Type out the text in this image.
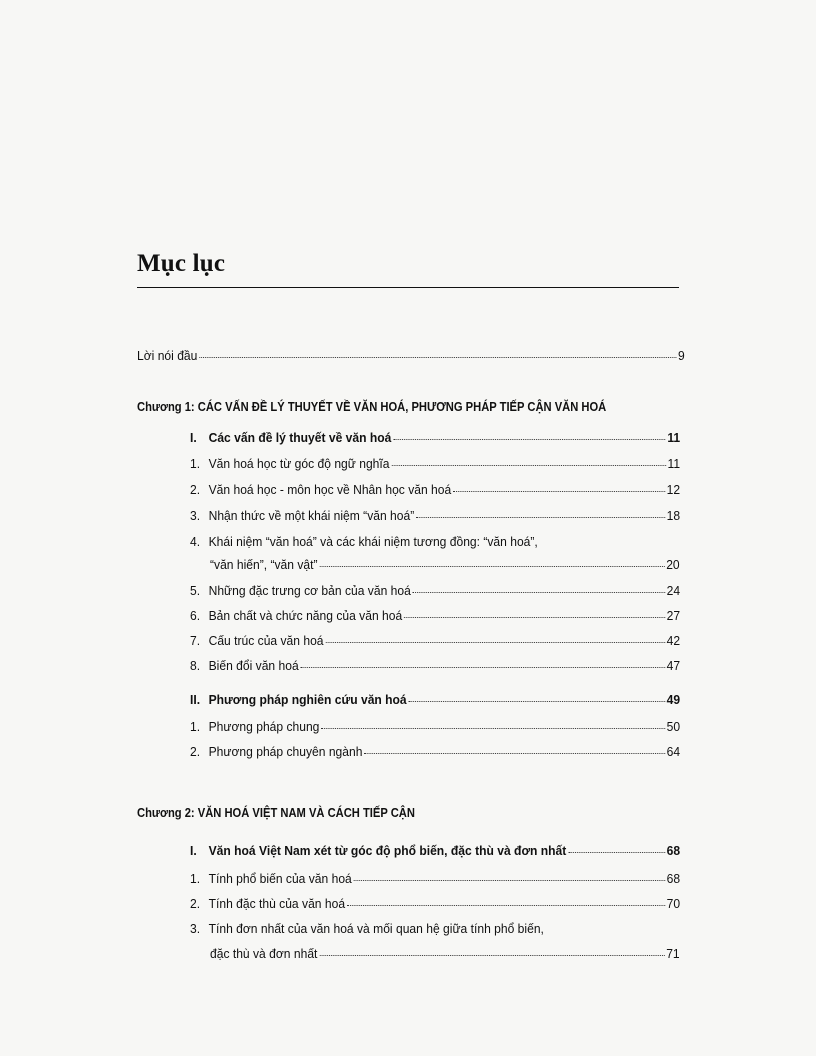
Mục lục
Lời nói đầu	9
Chương 1: CÁC VẤN ĐỀ LÝ THUYẾT VỀ VĂN HOÁ, PHƯƠNG PHÁP TIẾP CẬN VĂN HOÁ
I. Các vấn đề lý thuyết về văn hoá	11
1. Văn hoá học từ góc độ ngữ nghĩa	11
2. Văn hoá học - môn học về Nhân học văn hoá	12
3. Nhận thức về một khái niệm “văn hoá”	18
4. Khái niệm “văn hoá” và các khái niệm tương đồng: “văn hoá”,
“văn hiến”, “văn vật”	20
5. Những đặc trưng cơ bản của văn hoá	24
6. Bản chất và chức năng của văn hoá	27
7. Cấu trúc của văn hoá	42
8. Biến đổi văn hoá	47
II. Phương pháp nghiên cứu văn hoá	49
1. Phương pháp chung	50
2. Phương pháp chuyên ngành	64
Chương 2: VĂN HOÁ VIỆT NAM VÀ CÁCH TIẾP CẬN
I. Văn hoá Việt Nam xét từ góc độ phổ biến, đặc thù và đơn nhất	68
1. Tính phổ biến của văn hoá	68
2. Tính đặc thù của văn hoá	70
3. Tính đơn nhất của văn hoá và mối quan hệ giữa tính phổ biến,
đặc thù và đơn nhất	71
